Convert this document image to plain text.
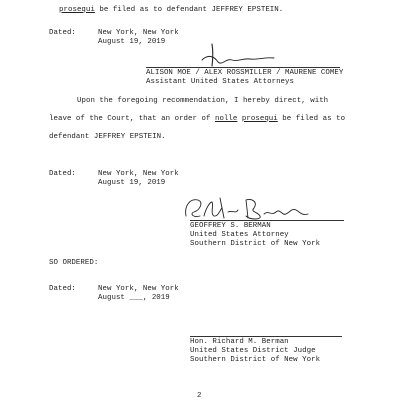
prosequi be filed as to defendant JEFFREY EPSTEIN.
Dated:	New York, New York
August 19, 2019
ALISON MOE / ALEX ROSSMILLER / MAURENE COMEY
Assistant United States Attorneys
Upon the foregoing recommendation, I hereby direct, with
leave of the Court, that an order of nolle prosequi be filed as to
defendant JEFFREY EPSTEIN.
Dated:	New York, New York
August 19, 2019
GEOFFREY S. BERMAN
United States Attorney
Southern District of New York
SO ORDERED:
Dated:	New York, New York
August ___, 2019
Hon. Richard M. Berman
United States District Judge
Southern District of New York
2
